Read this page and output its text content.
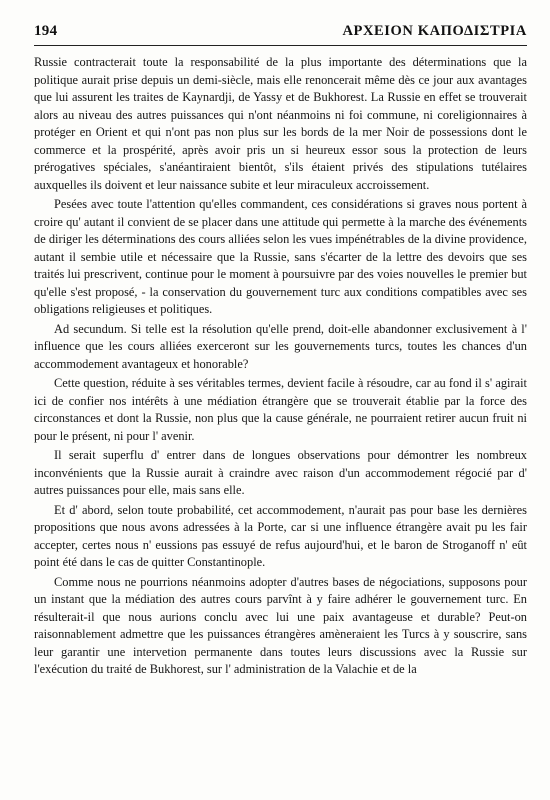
194	ΑΡΧΕΙΟΝ ΚΑΠΟΔΙΣΤΡΙΑ

Russie contracterait toute la responsabilité de la plus importante des déterminations que la politique aurait prise depuis un demi-siècle, mais elle renoncerait même dès ce jour aux avantages que lui assurent les traites de Kaynardji, de Yassy et de Bukhorest. La Russie en effet se trouverait alors au niveau des autres puissances qui n'ont néanmoins ni foi commune, ni coreligionnaires à protéger en Orient et qui n'ont pas non plus sur les bords de la mer Noir de possessions dont le commerce et la prospérité, après avoir pris un si heureux essor sous la protection de leurs prérogatives spéciales, s'anéantiraient bientôt, s'ils étaient privés des stipulations tutélaires auxquelles ils doivent et leur naissance subite et leur miraculeux accroissement.

Pesées avec toute l'attention qu'elles commandent, ces considérations si graves nous portent à croire qu' autant il convient de se placer dans une attitude qui permette à la marche des événements de diriger les déterminations des cours alliées selon les vues impénétrables de la divine providence, autant il sembie utile et nécessaire que la Russie, sans s'écarter de la lettre des devoirs que ses traités lui prescrivent, continue pour le moment à poursuivre par des voies nouvelles le premier but qu'elle s'est proposé, - la conservation du gouvernement turc aux conditions compatibles avec ses obligations religieuses et politiques.

Ad secundum. Si telle est la résolution qu'elle prend, doit-elle abandonner exclusivement à l' influence que les cours alliées exerceront sur les gouvernements turcs, toutes les chances d'un accommodement avantageux et honorable?

Cette question, réduite à ses véritables termes, devient facile à résoudre, car au fond il s' agirait ici de confier nos intérêts à une médiation étrangère que se trouverait établie par la force des circonstances et dont la Russie, non plus que la cause générale, ne pourraient retirer aucun fruit ni pour le présent, ni pour l' avenir.

Il serait superflu d' entrer dans de longues observations pour démontrer les nombreux inconvénients que la Russie aurait à craindre avec raison d'un accommodement régocié par d' autres puissances pour elle, mais sans elle.

Et d' abord, selon toute probabilité, cet accommodement, n'aurait pas pour base les dernières propositions que nous avons adressées à la Porte, car si une influence étrangère avait pu les fair accepter, certes nous n' eussions pas essuyé de refus aujourd'hui, et le baron de Stroganoff n' eût point été dans le cas de quitter Constantinople.

Comme nous ne pourrions néanmoins adopter d'autres bases de négociations, supposons pour un instant que la médiation des autres cours parvînt à y faire adhérer le gouvernement turc. En résulterait-il que nous aurions conclu avec lui une paix avantageuse et durable? Peut-on raisonnablement admettre que les puissances étrangères amèneraient les Turcs à y souscrire, sans leur garantir une intervetion permanente dans toutes leurs discussions avec la Russie sur l'exécution du traité de Bukhorest, sur l' administration de la Valachie et de la
